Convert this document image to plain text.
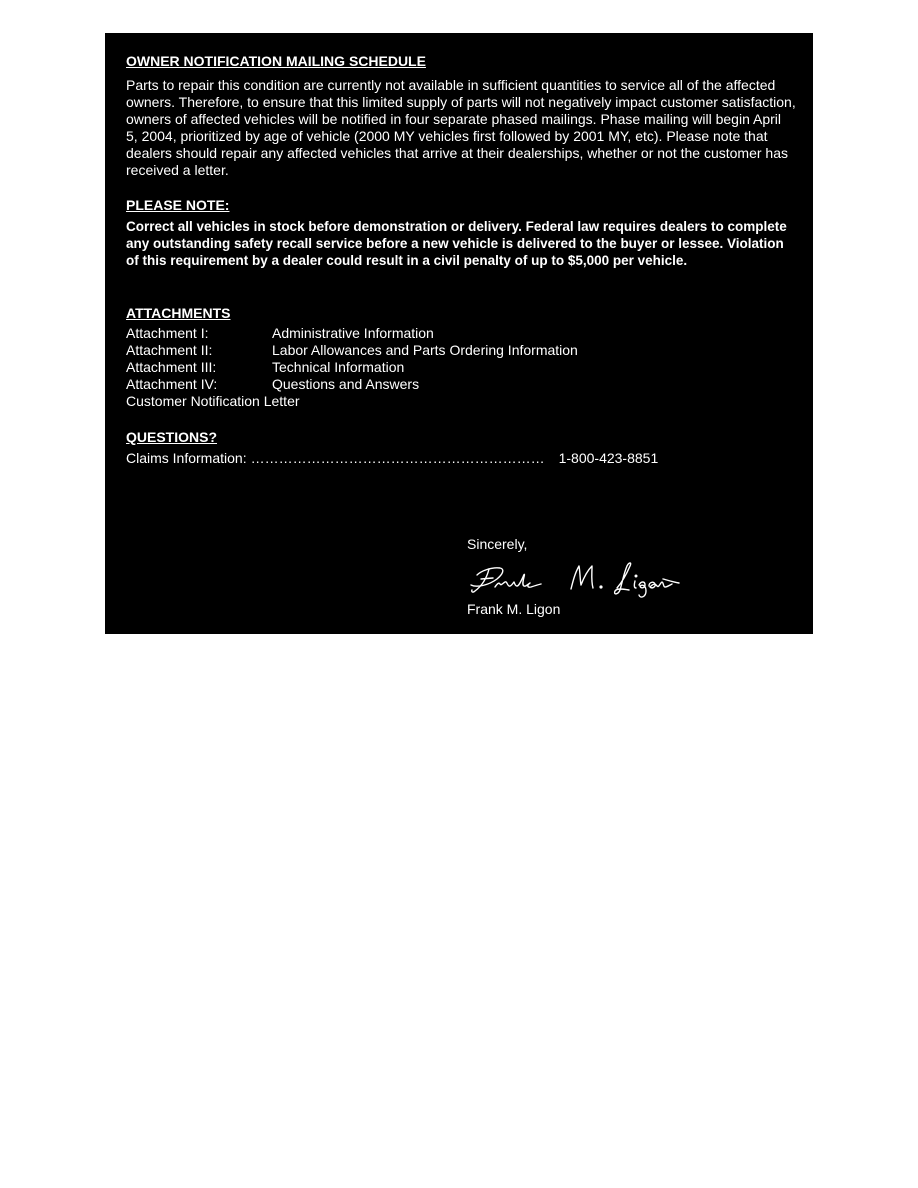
OWNER NOTIFICATION MAILING SCHEDULE

Parts to repair this condition are currently not available in sufficient quantities to service all of the affected owners. Therefore, to ensure that this limited supply of parts will not negatively impact customer satisfaction, owners of affected vehicles will be notified in four separate phased mailings. Phase mailing will begin April 5, 2004, prioritized by age of vehicle (2000 MY vehicles first followed by 2001 MY, etc). Please note that dealers should repair any affected vehicles that arrive at their dealerships, whether or not the customer has received a letter.

PLEASE NOTE:

Correct all vehicles in stock before demonstration or delivery. Federal law requires dealers to complete any outstanding safety recall service before a new vehicle is delivered to the buyer or lessee. Violation of this requirement by a dealer could result in a civil penalty of up to $5,000 per vehicle.

ATTACHMENTS
Attachment I:	Administrative Information
Attachment II:	Labor Allowances and Parts Ordering Information
Attachment III:	Technical Information
Attachment IV:	Questions and Answers
Customer Notification Letter
QUESTIONS?
Claims Information: ……………………………………………………… 1-800-423-8851
Sincerely,
Frank M. Ligon
